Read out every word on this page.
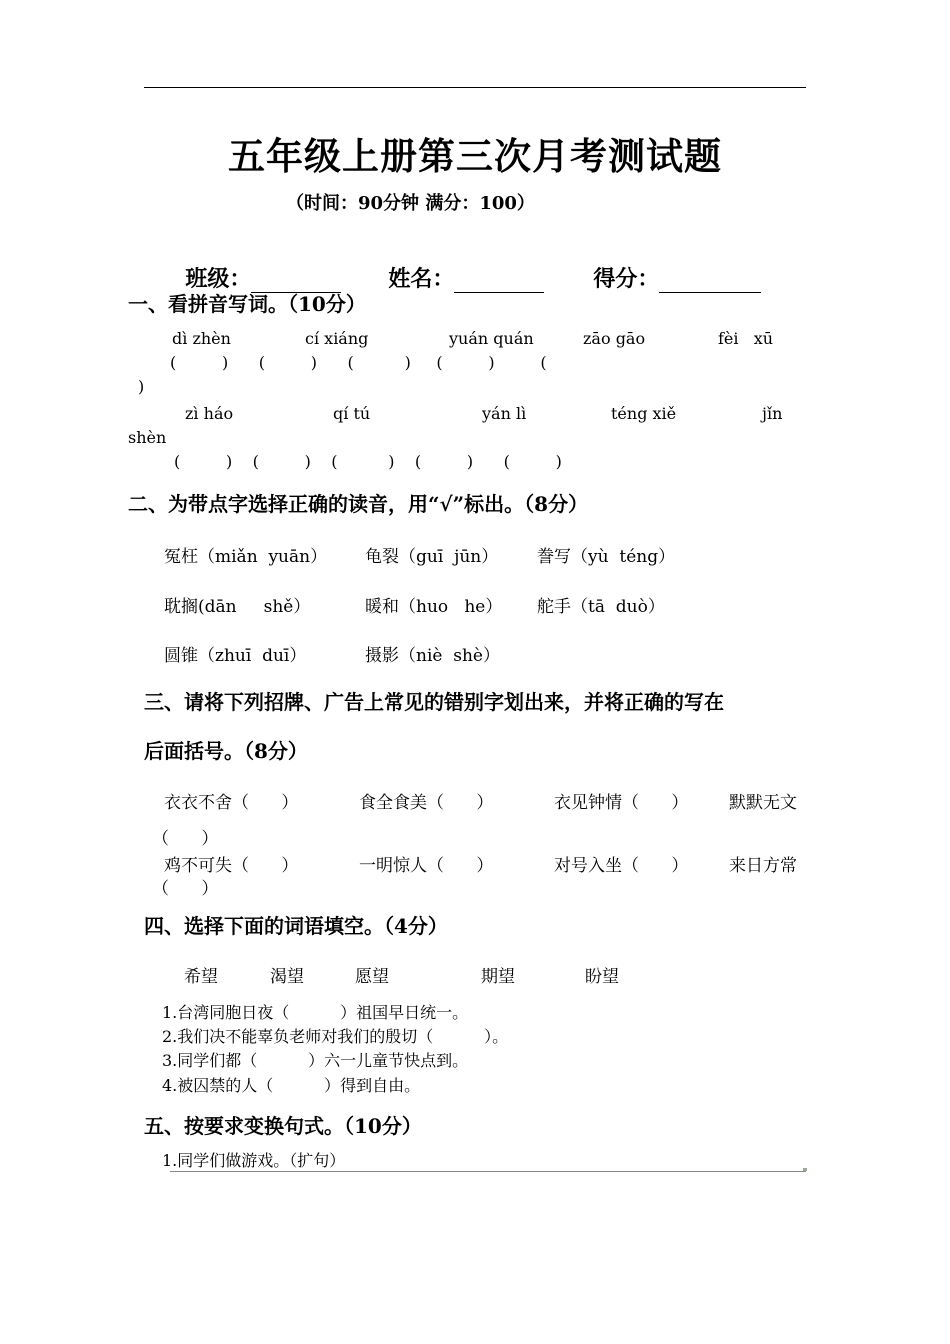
五年级上册第三次月考测试题
（时间：90分钟 满分：100）

班级：	姓名：	得分：

一、看拼音写词。（10分）
dì zhèn	cí xiáng	yuán quán	zāo gāo	fèi   xū
(         )      (         )      (          )     (         )         (
)
zì háo	qí tú	yán lì	téng xiě	jǐn
shèn
(         )    (         )    (          )    (         )      (         )
二、为带点字选择正确的读音，用“√”标出。（8分）
冤枉（miǎn  yuān） 龟裂（guī  jūn） 誊写（yù  téng）
耽搁(dān     shě）	暖和（huo   he） 舵手（tā  duò）
圆锥（zhuī  duī）	摄影（niè  shè）
三、请将下列招牌、广告上常见的错别字划出来，并将正确的写在
后面括号。（8分）
衣衣不舍（      ）	食全食美（      ）	衣见钟情（      ） 默默无文
（      ）
鸡不可失（      ）	一明惊人（      ）	对号入坐（      ） 来日方常
（      ）
四、选择下面的词语填空。（4分）
希望	渴望	愿望	期望	盼望
1.台湾同胞日夜（          ）祖国早日统一。
2.我们决不能辜负老师对我们的殷切（          ）。
3.同学们都（          ）六一儿童节快点到。
4.被囚禁的人（          ）得到自由。
五、按要求变换句式。（10分）
1.同学们做游戏。（扩句）
